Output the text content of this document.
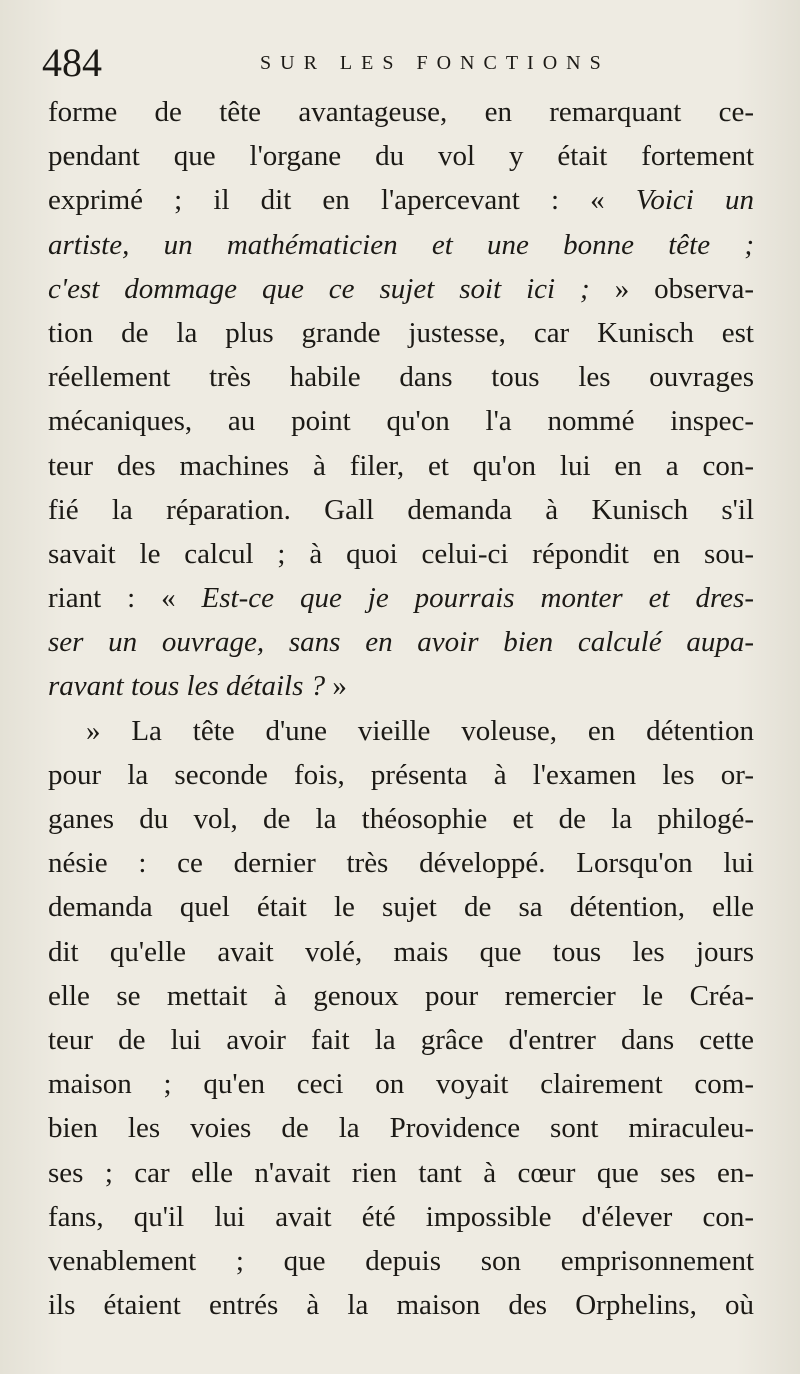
484	SUR LES FONCTIONS
forme de tête avantageuse, en remarquant ce-
pendant que l'organe du vol y était fortement
exprimé ; il dit en l'apercevant : « Voici un
artiste, un mathématicien et une bonne tête ;
c'est dommage que ce sujet soit ici ; » observa-
tion de la plus grande justesse, car Kunisch est
réellement très habile dans tous les ouvrages
mécaniques, au point qu'on l'a nommé inspec-
teur des machines à filer, et qu'on lui en a con-
fié la réparation. Gall demanda à Kunisch s'il
savait le calcul ; à quoi celui-ci répondit en sou-
riant : « Est-ce que je pourrais monter et dres-
ser un ouvrage, sans en avoir bien calculé aupa-
ravant tous les détails ? »
» La tête d'une vieille voleuse, en détention
pour la seconde fois, présenta à l'examen les or-
ganes du vol, de la théosophie et de la philogé-
nésie : ce dernier très développé. Lorsqu'on lui
demanda quel était le sujet de sa détention, elle
dit qu'elle avait volé, mais que tous les jours
elle se mettait à genoux pour remercier le Créa-
teur de lui avoir fait la grâce d'entrer dans cette
maison ; qu'en ceci on voyait clairement com-
bien les voies de la Providence sont miraculeu-
ses ; car elle n'avait rien tant à cœur que ses en-
fans, qu'il lui avait été impossible d'élever con-
venablement ; que depuis son emprisonnement
ils étaient entrés à la maison des Orphelins, où
